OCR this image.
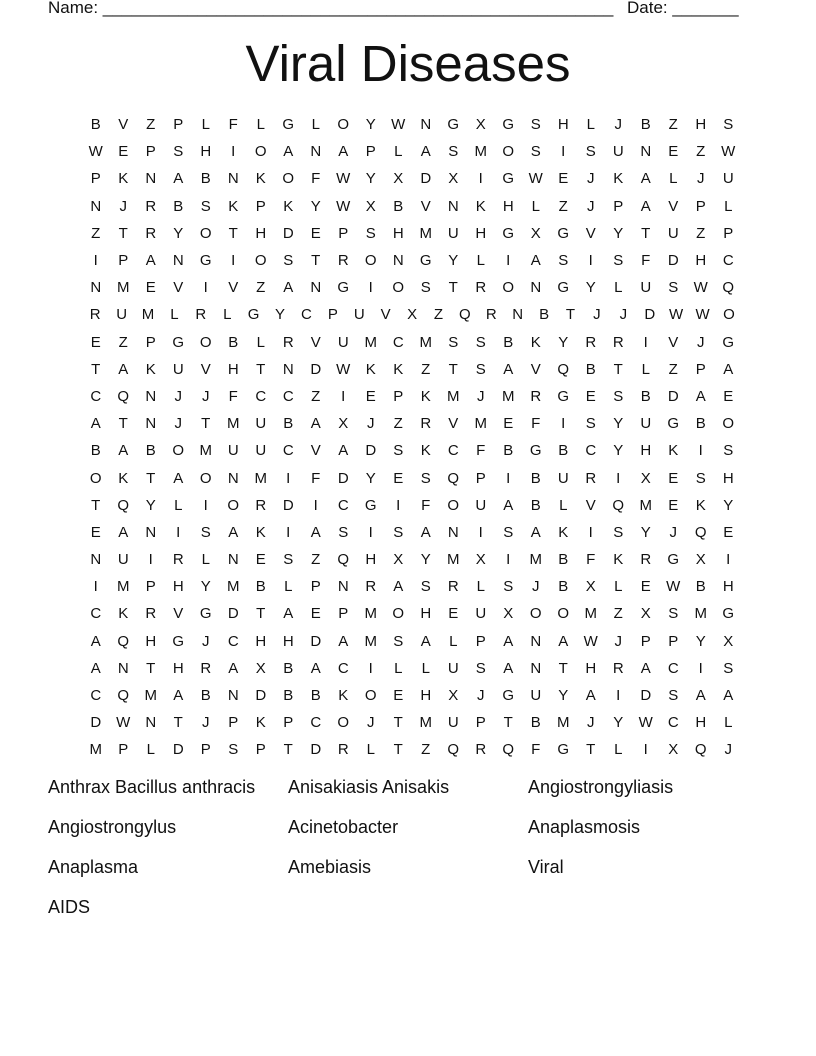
Name: ______________________________________________________ Date: _______
Viral Diseases
B	V	Z	P	L	F	L	G	L	O	Y	W	N	G	X	G	S	H	L	J	B	Z	H	S
W	E	P	S	H	I	O	A	N	A	P	L	A	S	M	O	S	I	S	U	N	E	Z	W
P	K	N	A	B	N	K	O	F	W	Y	X	D	X	I	G W	E	J	K	A	L	J	U
N	J	R	B	S	K	P	K	Y	W	X	B	V	N	K	H	L	Z	J	P	A	V	P	L
Z	T	R	Y	O	T	H	D	E	P	S	H	M	U	H	G	X	G	V	Y	T	U	Z	P
I	P	A	N	G	I	O	S	T	R	O	N	G	Y	L	I	A	S	I	S	F	D	H	C
N	M	E	V	I	V	Z	A	N	G	I	O	S	T	R	O	N	G	Y	L	U	S	W Q
R	U M	L	R	L	G	Y	C	P	U	V	X	Z	Q	R	N	B	T	J	J	D W W O
E	Z	P	G	O	B	L	R	V	U	M	C	M	S	S	B	K	Y	R	R	I	V	J	G
T	A	K	U	V	H	T	N	D W	K	K	Z	T	S	A	V	Q	B	T	L	Z	P	A
C	Q	N	J	J	F	C	C	Z	I	E	P	K	M	J	M	R	G	E	S	B	D	A	E
A	T	N	J	T	M	U	B	A	X	J	Z	R	V	M	E	F	I	S	Y	U	G	B	O
B	A	B	O	M	U	U	C	V	A	D	S	K	C	F	B	G	B	C	Y	H	K	I	S
O	K	T	A	O	N	M	I	F	D	Y	E	S	Q	P	I	B	U	R	I	X	E	S	H
T	Q	Y	L	I	O	R	D	I	C	G	I	F	O	U	A	B	L	V	Q	M	E	K	Y
E	A	N	I	S	A	K	I	A	S	I	S	A	N	I	S	A	K	I	S	Y	J	Q	E
N	U	I	R	L	N	E	S	Z	Q	H	X	Y	M	X	I	M	B	F	K	R	G	X	I
I	M	P	H	Y	M	B	L	P	N	R	A	S	R	L	S	J	B	X	L	E	W	B	H
C	K	R	V	G	D	T	A	E	P	M	O	H	E	U	X	O	O	M	Z	X	S	M	G
A	Q	H	G	J	C	H	H	D	A	M	S	A	L	P	A	N	A	W	J	P	P	Y	X
A	N	T	H	R	A	X	B	A	C	I	L	L	U	S	A	N	T	H	R	A	C	I	S
C	Q	M	A	B	N	D	B	B	K	O	E	H	X	J	G	U	Y	A	I	D	S	A	A
D W	N	T	J	P	K	P	C	O	J	T	M	U	P	T	B	M	J	Y	W	C	H	L
M	P	L	D	P	S	P	T	D	R	L	T	Z	Q	R	Q	F	G	T	L	I	X	Q	J
Anthrax Bacillus anthracis	Anisakiasis Anisakis	Angiostrongyliasis
Angiostrongylus	Acinetobacter	Anaplasmosis
Anaplasma	Amebiasis	Viral
AIDS
